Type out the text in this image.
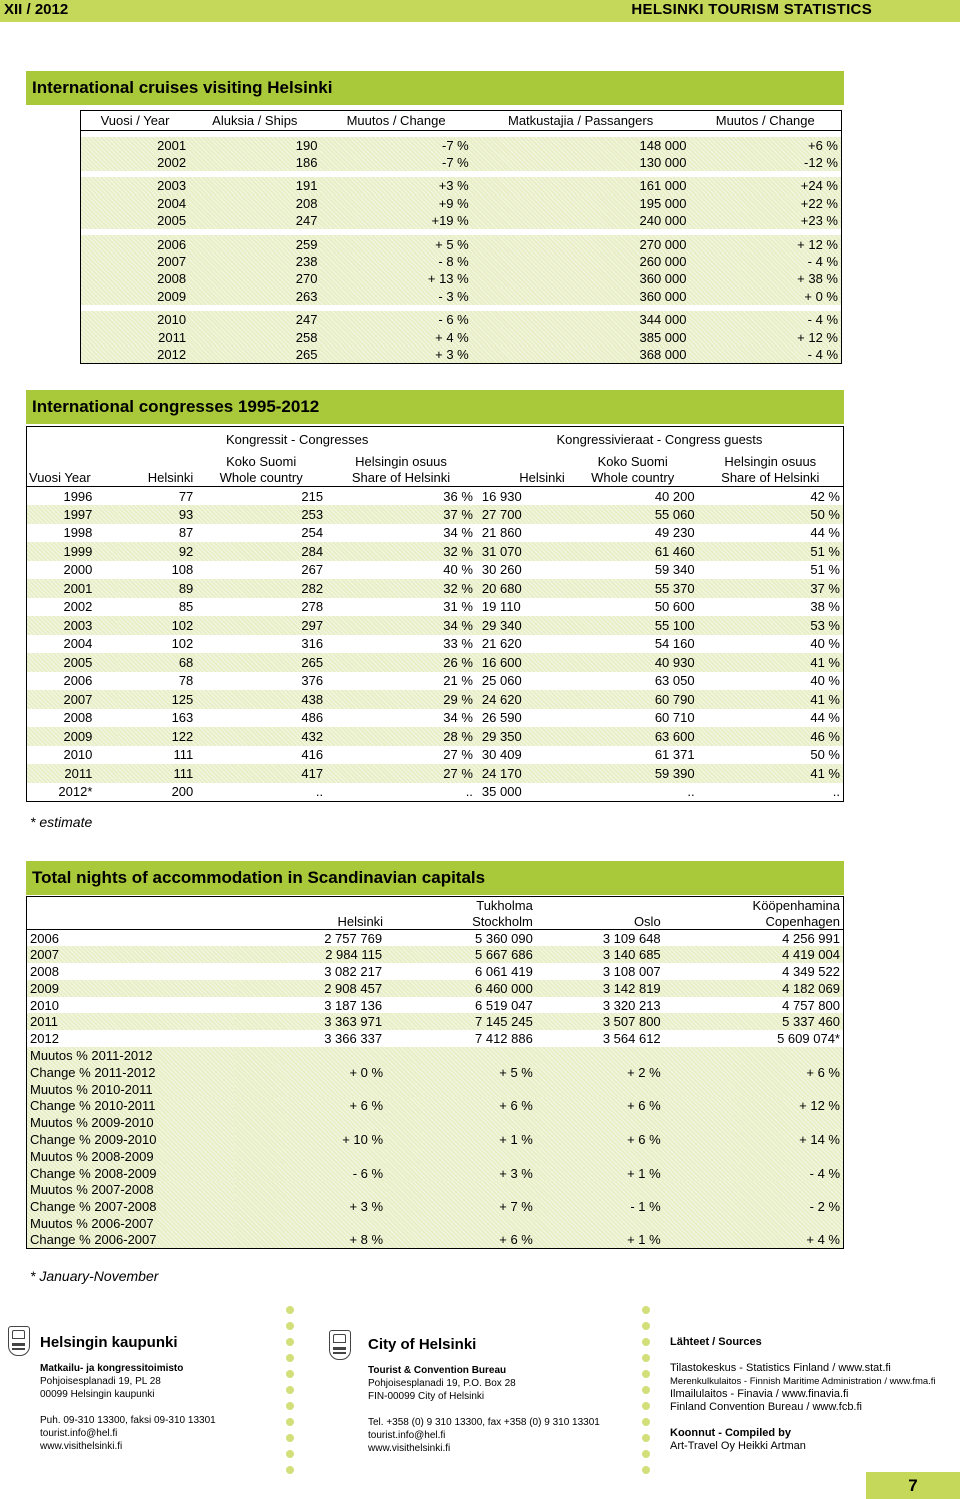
XII / 2012	HELSINKI TOURISM STATISTICS
International cruises visiting Helsinki
Vuosi / Year	Aluksia / Ships	Muutos / Change	Matkustajia / Passangers	Muutos / Change

2001	190	-7 %	148 000	+6 %
2002	186	-7 %	130 000	-12 %

2003	191	+3 %	161 000	+24 %
2004	208	+9 %	195 000	+22 %
2005	247	+19 %	240 000	+23 %

2006	259	+ 5 %	270 000	+ 12 %
2007	238	- 8 %	260 000	- 4 %
2008	270	+ 13 %	360 000	+ 38 %
2009	263	- 3 %	360 000	+ 0 %

2010	247	- 6 %	344 000	- 4 %
2011	258	+ 4 %	385 000	+ 12 %
2012	265	+ 3 %	368 000	- 4 %
International congresses 1995-2012
	Kongressit - Congresses			Kongressivieraat - Congress guests		
		Koko Suomi	Helsingin osuus		Koko Suomi	Helsingin osuus
Vuosi Year	Helsinki	Whole country	Share of Helsinki	Helsinki	Whole country	Share of Helsinki
1996	77	215	36 %	16 930	40 200	42 %
1997	93	253	37 %	27 700	55 060	50 %
1998	87	254	34 %	21 860	49 230	44 %
1999	92	284	32 %	31 070	61 460	51 %
2000	108	267	40 %	30 260	59 340	51 %
2001	89	282	32 %	20 680	55 370	37 %
2002	85	278	31 %	19 110	50 600	38 %
2003	102	297	34 %	29 340	55 100	53 %
2004	102	316	33 %	21 620	54 160	40 %
2005	68	265	26 %	16 600	40 930	41 %
2006	78	376	21 %	25 060	63 050	40 %
2007	125	438	29 %	24 620	60 790	41 %
2008	163	486	34 %	26 590	60 710	44 %
2009	122	432	28 %	29 350	63 600	46 %
2010	111	416	27 %	30 409	61 371	50 %
2011	111	417	27 %	24 170	59 390	41 %
2012*	200	..	..	35 000	..	..
* estimate
Total nights of accommodation in Scandinavian capitals
		Tukholma		Kööpenhamina
	Helsinki	Stockholm	Oslo	Copenhagen
2006	2 757 769	5 360 090	3 109 648	4 256 991
2007	2 984 115	5 667 686	3 140 685	4 419 004
2008	3 082 217	6 061 419	3 108 007	4 349 522
2009	2 908 457	6 460 000	3 142 819	4 182 069
2010	3 187 136	6 519 047	3 320 213	4 757 800
2011	3 363 971	7 145 245	3 507 800	5 337 460
2012	3 366 337	7 412 886	3 564 612	5 609 074*
Muutos % 2011-2012				
Change % 2011-2012	+ 0 %	+ 5 %	+ 2 %	+ 6 %
Muutos % 2010-2011				
Change % 2010-2011	+ 6 %	+ 6 %	+ 6 %	+ 12 %
Muutos % 2009-2010				
Change % 2009-2010	+ 10 %	+ 1 %	+ 6 %	+ 14 %
Muutos % 2008-2009				
Change % 2008-2009	- 6 %	+ 3 %	+ 1 %	- 4 %
Muutos % 2007-2008				
Change % 2007-2008	+ 3 %	+ 7 %	- 1 %	- 2 %
Muutos % 2006-2007				
Change % 2006-2007	+ 8 %	+ 6 %	+ 1 %	+ 4 %
* January-November
Helsingin kaupunki
Matkailu- ja kongressitoimisto
Pohjoisesplanadi 19, PL 28
00099 Helsingin kaupunki

Puh. 09-310 13300, faksi 09-310 13301
tourist.info@hel.fi
www.visithelsinki.fi
City of Helsinki
Tourist & Convention Bureau
Pohjoisesplanadi 19, P.O. Box 28
FIN-00099 City of Helsinki

Tel. +358 (0) 9 310 13300, fax +358 (0) 9 310 13301
tourist.info@hel.fi
www.visithelsinki.fi
Lähteet / Sources

Tilastokeskus - Statistics Finland / www.stat.fi
Merenkulkulaitos - Finnish Maritime Administration / www.fma.fi
Ilmailulaitos - Finavia / www.finavia.fi
Finland Convention Bureau / www.fcb.fi

Koonnut - Compiled by
Art-Travel Oy Heikki Artman
7
